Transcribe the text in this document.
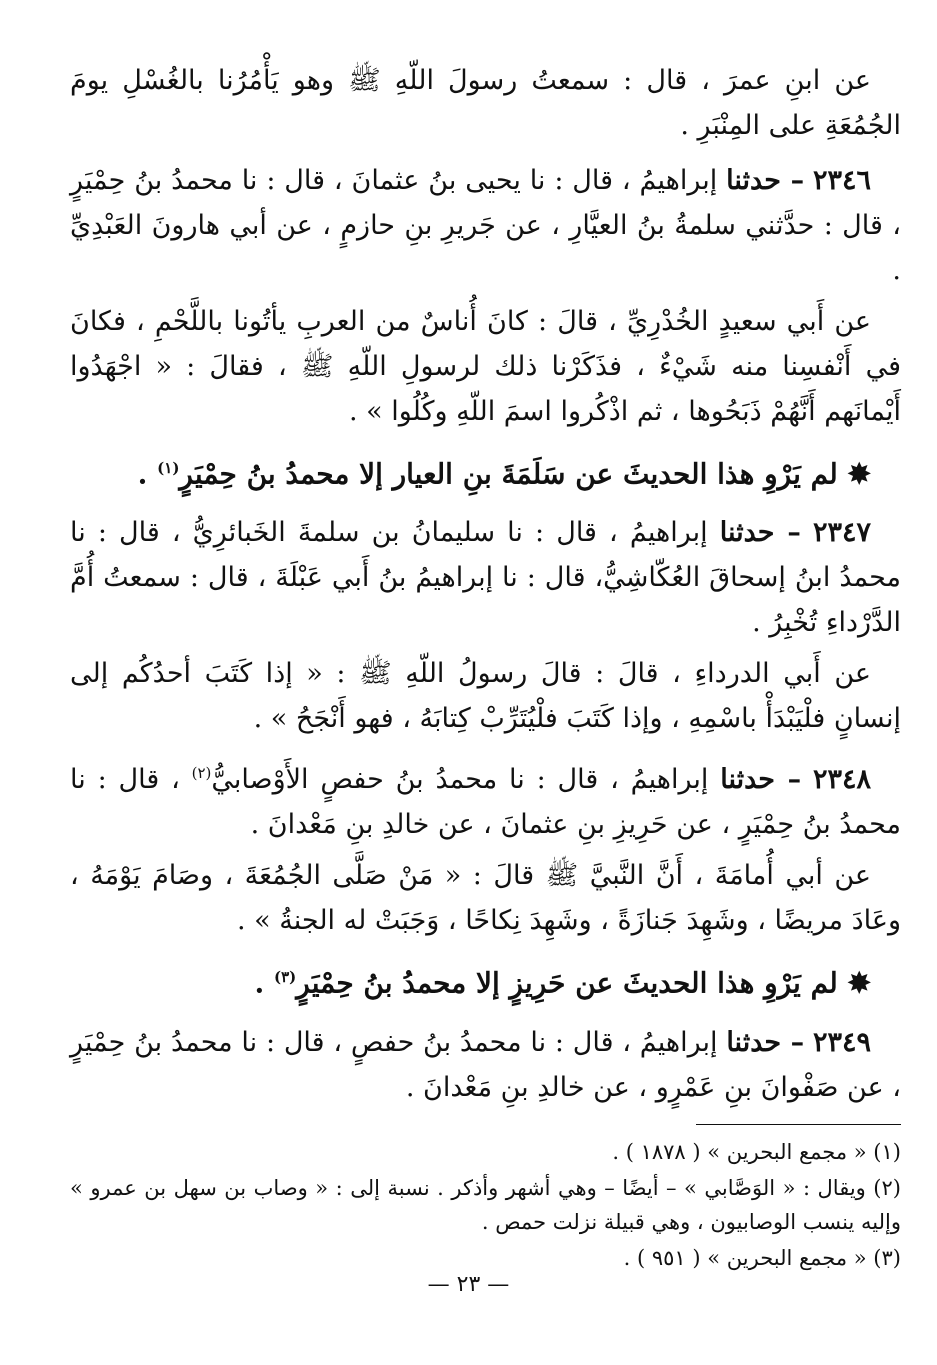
عن ابنِ عمرَ ، قال : سمعتُ رسولَ اللّهِ ﷺ وهو يَأْمُرُنا بالغُسْلِ يومَ الجُمُعَةِ على المِنْبَرِ .

٢٣٤٦ – حدثنا إبراهيمُ ، قال : نا يحيى بنُ عثمانَ ، قال : نا محمدُ بنُ حِمْيَرٍ ، قال : حدَّثني سلمةُ بنُ العيَّارِ ، عن جَريرِ بنِ حازمٍ ، عن أبي هارونَ العَبْدِيِّ .

عن أَبي سعيدٍ الخُدْرِيِّ ، قالَ : كانَ أُناسٌ من العربِ يأتُونا باللَّحْمِ ، فكانَ في أَنْفسِنا منه شَيْءٌ ، فذَكَرْنا ذلك لرسولِ اللّهِ ﷺ ، فقالَ : « اجْهَدُوا أَيْمانَهم أَنَّهُمْ ذَبَحُوها ، ثم اذْكُروا اسمَ اللّهِ وكُلُوا » .

✸ لم يَرْوِ هذا الحديثَ عن سَلَمَةَ بنِ العيار إلا محمدُ بنُ حِمْيَرٍ$^{(١)}$ .

٢٣٤٧ – حدثنا إبراهيمُ ، قال : نا سليمانُ بن سلمةَ الخَبائرِيُّ ، قال : نا محمدُ ابنُ إسحاقَ العُكّاشِيُّ، قال : نا إبراهيمُ بنُ أَبي عَبْلَةَ ، قال : سمعتُ أُمَّ الدَّرْداءِ تُخْبِرُ .

عن أَبي الدرداءِ ، قالَ : قالَ رسولُ اللّهِ ﷺ : « إذا كَتَبَ أحدُكُم إلى إنسانٍ فلْيَبْدَأْ باسْمِهِ ، وإذا كَتَبَ فلْيُتَرِّبْ كِتابَهُ ، فهو أَنْجَحُ » .

٢٣٤٨ – حدثنا إبراهيمُ ، قال : نا محمدُ بنُ حفصٍ الأَوْصابيُّ$^{(٢)}$ ، قال : نا محمدُ بنُ حِمْيَرٍ ، عن حَرِيزِ بنِ عثمانَ ، عن خالدِ بنِ مَعْدانَ .

عن أبي أُمامَةَ ، أَنَّ النَّبيَّ ﷺ قالَ : « مَنْ صَلَّى الجُمُعَةَ ، وصَامَ يَوْمَهُ ، وعَادَ مريضًا ، وشَهِدَ جَنازَةً ، وشَهِدَ نِكاحًا ، وَجَبَتْ له الجنةُ » .

✸ لم يَرْوِ هذا الحديثَ عن حَرِيزٍ إلا محمدُ بنُ حِمْيَرٍ$^{(٣)}$ .

٢٣٤٩ – حدثنا إبراهيمُ ، قال : نا محمدُ بنُ حفصٍ ، قال : نا محمدُ بنُ حِمْيَرٍ ، عن صَفْوانَ بنِ عَمْرٍو ، عن خالدِ بنِ مَعْدانَ .

(١) « مجمع البحرين » ( ١٨٧٨ ) .

(٢) ويقال : « الوَصَّابي » – أيضًا – وهي أشهر وأذكر . نسبة إلى : « وصاب بن سهل بن عمرو » وإليه ينسب الوصابيون ، وهي قبيلة نزلت حمص .

(٣) « مجمع البحرين » ( ٩٥١ ) .

— ٢٣ —
